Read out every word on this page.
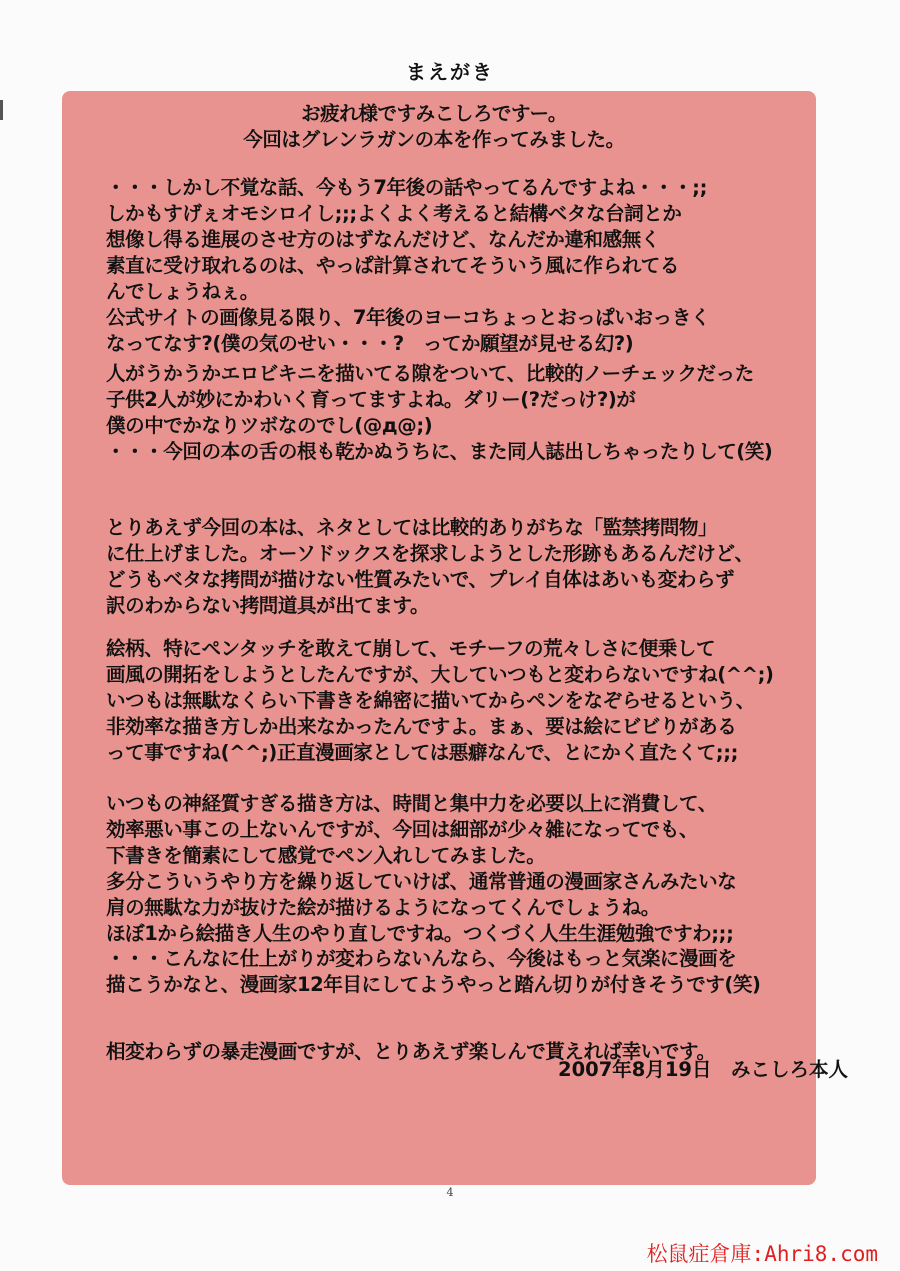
まえがき
お疲れ様ですみこしろですー。
今回はグレンラガンの本を作ってみました。
・・・しかし不覚な話、今もう7年後の話やってるんですよね・・・;;
しかもすげぇオモシロイし;;;よくよく考えると結構ベタな台詞とか
想像し得る進展のさせ方のはずなんだけど、なんだか違和感無く
素直に受け取れるのは、やっぱ計算されてそういう風に作られてる
んでしょうねぇ。
公式サイトの画像見る限り、7年後のヨーコちょっとおっぱいおっきく
なってなす?(僕の気のせい・・・?　ってか願望が見せる幻?)
人がうかうかエロビキニを描いてる隙をついて、比較的ノーチェックだった
子供2人が妙にかわいく育ってますよね。ダリー(?だっけ?)が
僕の中でかなりツボなのでし(@д@;)
・・・今回の本の舌の根も乾かぬうちに、また同人誌出しちゃったりして(笑)
とりあえず今回の本は、ネタとしては比較的ありがちな「監禁拷問物」
に仕上げました。オーソドックスを探求しようとした形跡もあるんだけど、
どうもベタな拷問が描けない性質みたいで、プレイ自体はあいも変わらず
訳のわからない拷問道具が出てます。
絵柄、特にペンタッチを敢えて崩して、モチーフの荒々しさに便乗して
画風の開拓をしようとしたんですが、大していつもと変わらないですね(^^;)
いつもは無駄なくらい下書きを綿密に描いてからペンをなぞらせるという、
非効率な描き方しか出来なかったんですよ。まぁ、要は絵にビビりがある
って事ですね(^^;)正直漫画家としては悪癖なんで、とにかく直たくて;;;
いつもの神経質すぎる描き方は、時間と集中力を必要以上に消費して、
効率悪い事この上ないんですが、今回は細部が少々雑になってでも、
下書きを簡素にして感覚でペン入れしてみました。
多分こういうやり方を繰り返していけば、通常普通の漫画家さんみたいな
肩の無駄な力が抜けた絵が描けるようになってくんでしょうね。
ほぼ1から絵描き人生のやり直しですね。つくづく人生生涯勉強ですわ;;;
・・・こんなに仕上がりが変わらないんなら、今後はもっと気楽に漫画を
描こうかなと、漫画家12年目にしてようやっと踏ん切りが付きそうです(笑)
相変わらずの暴走漫画ですが、とりあえず楽しんで貰えれば幸いです。
2007年8月19日　みこしろ本人
4
松鼠症倉庫:Ahri8.com
